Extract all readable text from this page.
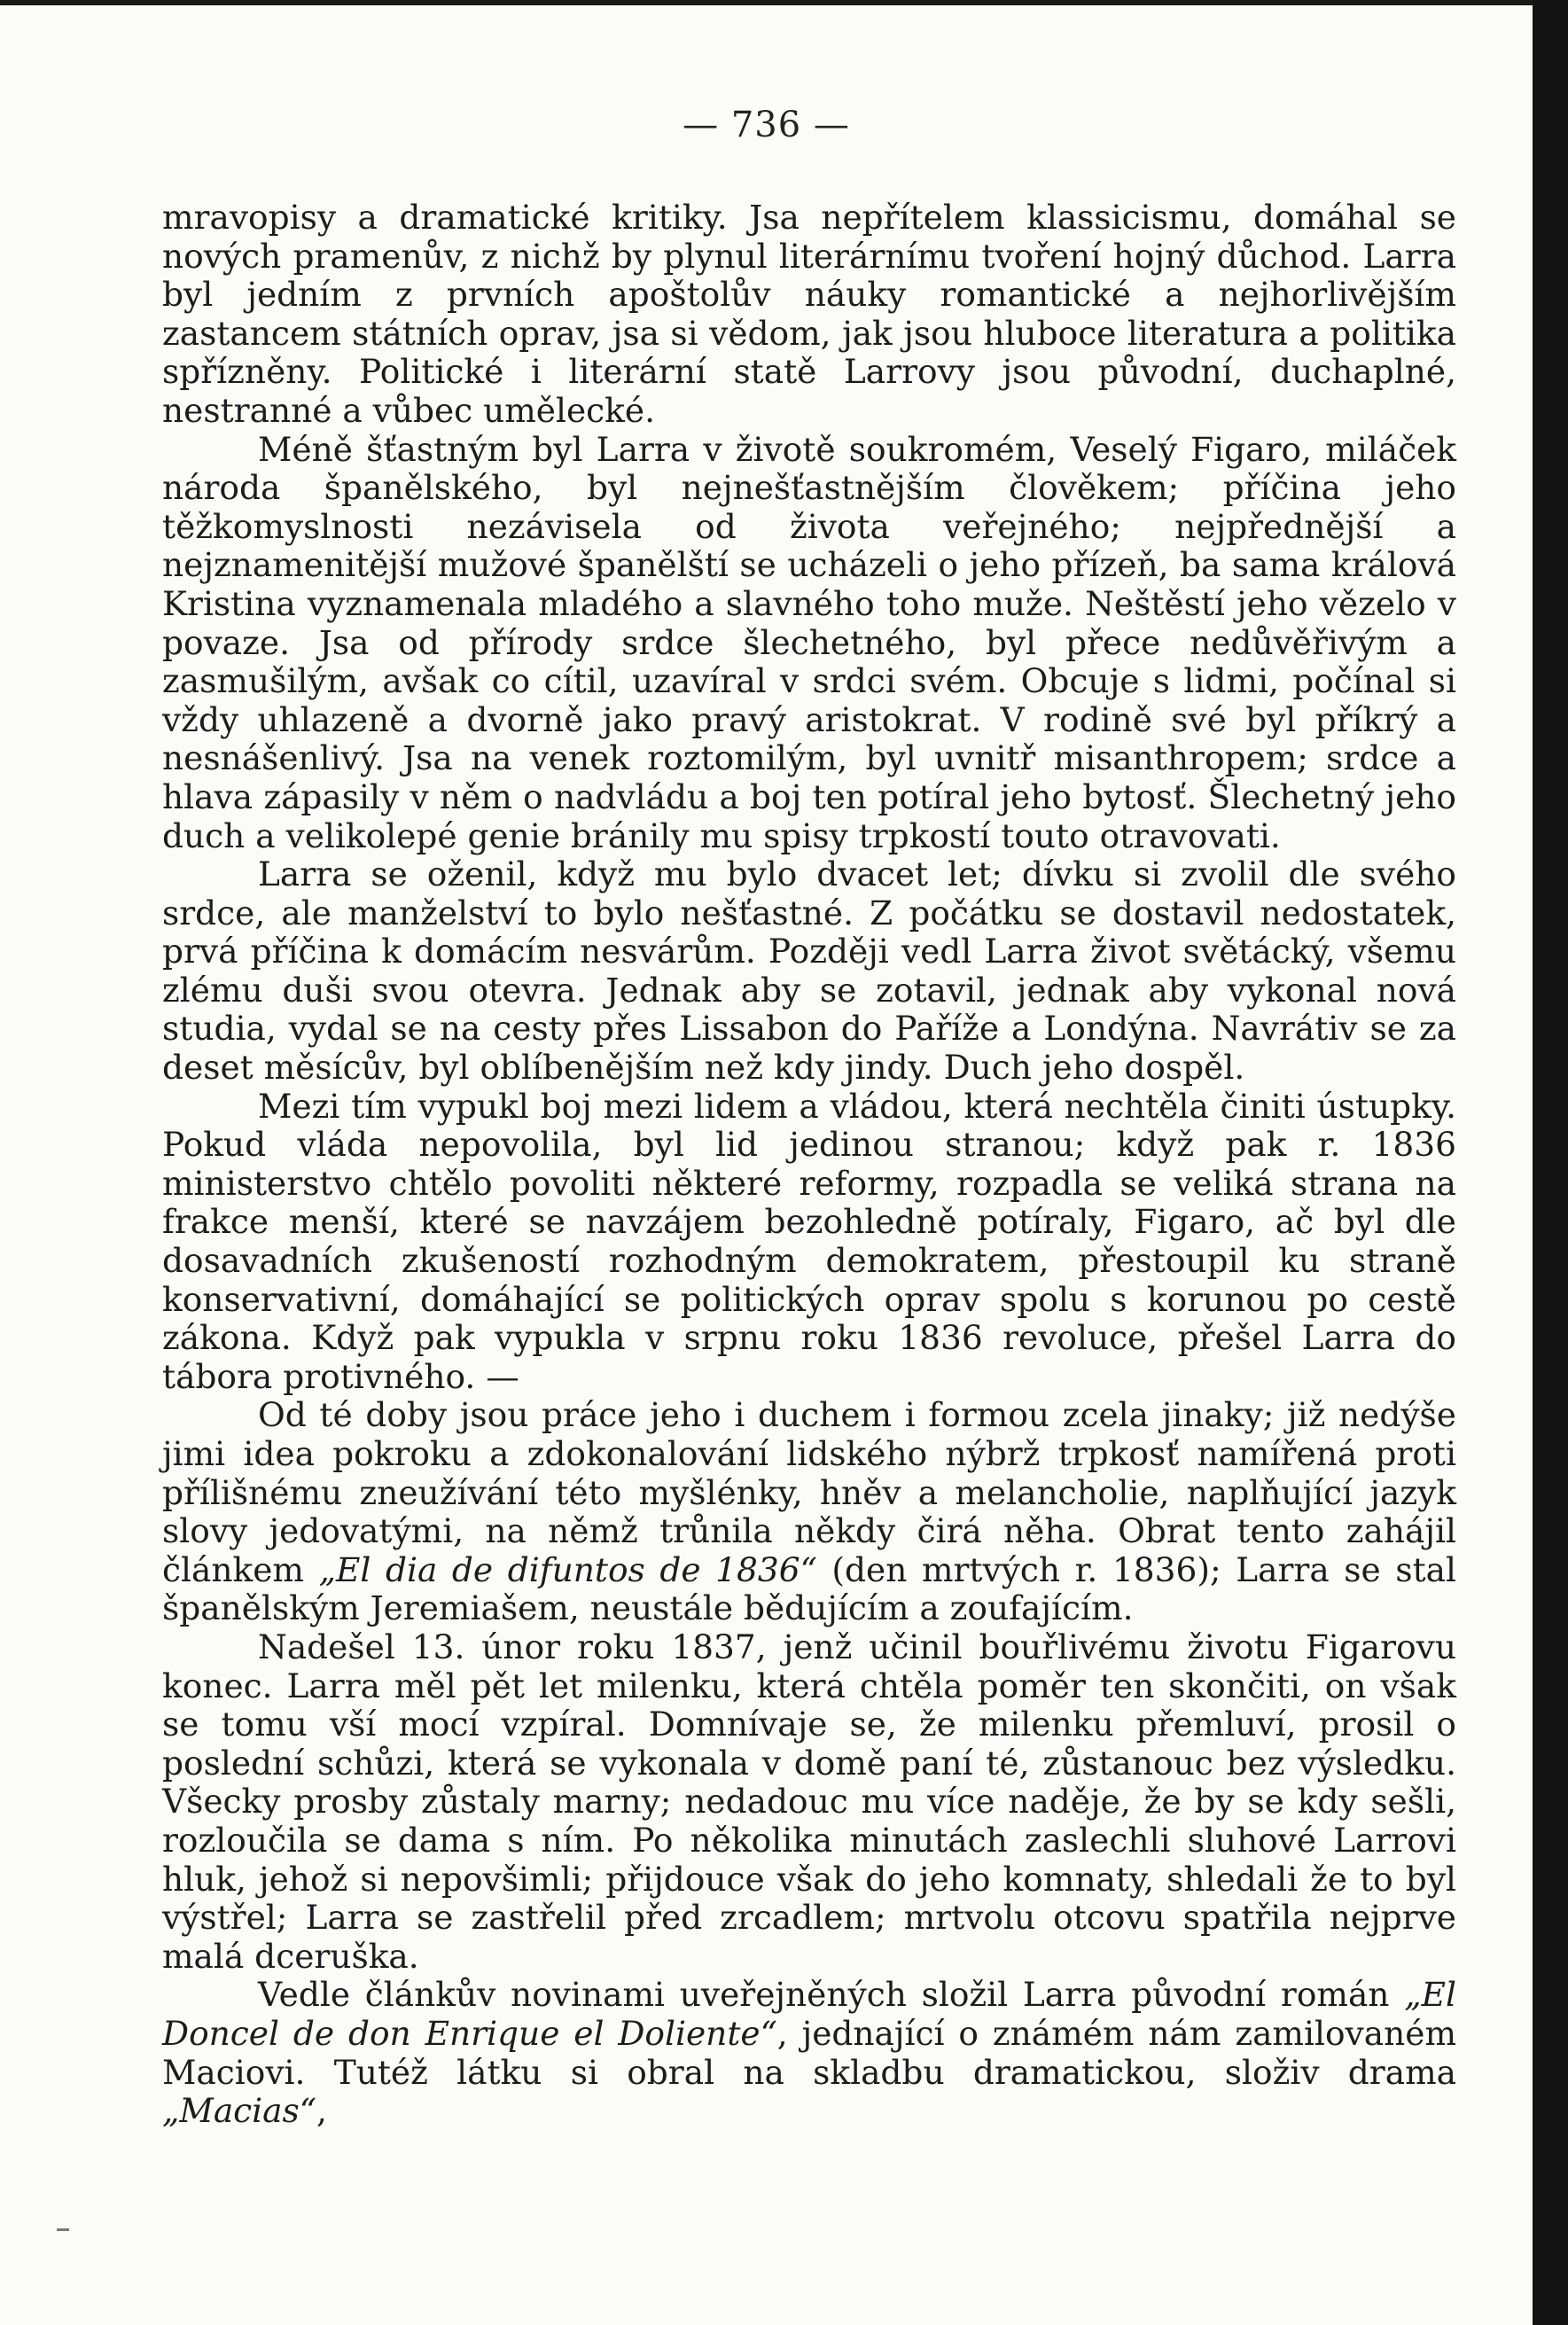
— 736 —

mravopisy a dramatické kritiky. Jsa nepřítelem klassicismu, domáhal se nových pramenův, z nichž by plynul literárnímu tvoření hojný důchod. Larra byl jedním z prvních apoštolův náuky romantické a nejhorlivějším zastancem státních oprav, jsa si vědom, jak jsou hluboce literatura a politika spřízněny. Politické i literární statě Larrovy jsou původní, duchaplné, nestranné a vůbec umělecké.

Méně šťastným byl Larra v životě soukromém, Veselý Figaro, miláček národa španělského, byl nejnešťastnějším člověkem; příčina jeho těžkomyslnosti nezávisela od života veřejného; nejpřednější a nejznamenitější mužové španělští se ucházeli o jeho přízeň, ba sama králová Kristina vyznamenala mladého a slavného toho muže. Neštěstí jeho vězelo v povaze. Jsa od přírody srdce šlechetného, byl přece nedůvěřivým a zasmušilým, avšak co cítil, uzavíral v srdci svém. Obcuje s lidmi, počínal si vždy uhlazeně a dvorně jako pravý aristokrat. V rodině své byl příkrý a nesnášenlivý. Jsa na venek roztomilým, byl uvnitř misanthropem; srdce a hlava zápasily v něm o nadvládu a boj ten potíral jeho bytosť. Šlechetný jeho duch a velikolepé genie bránily mu spisy trpkostí touto otravovati.

Larra se oženil, když mu bylo dvacet let; dívku si zvolil dle svého srdce, ale manželství to bylo nešťastné. Z počátku se dostavil nedostatek, prvá příčina k domácím nesvárům. Později vedl Larra život světácký, všemu zlému duši svou otevra. Jednak aby se zotavil, jednak aby vykonal nová studia, vydal se na cesty přes Lissabon do Paříže a Londýna. Navrátiv se za deset měsícův, byl oblíbenějším než kdy jindy. Duch jeho dospěl.

Mezi tím vypukl boj mezi lidem a vládou, která nechtěla činiti ústupky. Pokud vláda nepovolila, byl lid jedinou stranou; když pak r. 1836 ministerstvo chtělo povoliti některé reformy, rozpadla se veliká strana na frakce menší, které se navzájem bezohledně potíraly, Figaro, ač byl dle dosavadních zkušeností rozhodným demokratem, přestoupil ku straně konservativní, domáhající se politických oprav spolu s korunou po cestě zákona. Když pak vypukla v srpnu roku 1836 revoluce, přešel Larra do tábora protivného. —

Od té doby jsou práce jeho i duchem i formou zcela jinaky; již nedýše jimi idea pokroku a zdokonalování lidského nýbrž trpkosť namířená proti přílišnému zneužívání této myšlénky, hněv a melancholie, naplňující jazyk slovy jedovatými, na němž trůnila někdy čirá něha. Obrat tento zahájil článkem „El dia de difuntos de 1836“ (den mrtvých r. 1836); Larra se stal španělským Jeremiašem, neustále bědujícím a zoufajícím.

Nadešel 13. únor roku 1837, jenž učinil bouřlivému životu Figarovu konec. Larra měl pět let milenku, která chtěla poměr ten skončiti, on však se tomu vší mocí vzpíral. Domnívaje se, že milenku přemluví, prosil o poslední schůzi, která se vykonala v domě paní té, zůstanouc bez výsledku. Všecky prosby zůstaly marny; nedadouc mu více naděje, že by se kdy sešli, rozloučila se dama s ním. Po několika minutách zaslechli sluhové Larrovi hluk, jehož si nepovšimli; přijdouce však do jeho komnaty, shledali že to byl výstřel; Larra se zastřelil před zrcadlem; mrtvolu otcovu spatřila nejprve malá dceruška.

Vedle článkův novinami uveřejněných složil Larra původní román „El Doncel de don Enrique el Doliente“, jednající o známém nám zamilovaném Maciovi. Tutéž látku si obral na skladbu dramatickou, složiv drama „Macias“,
